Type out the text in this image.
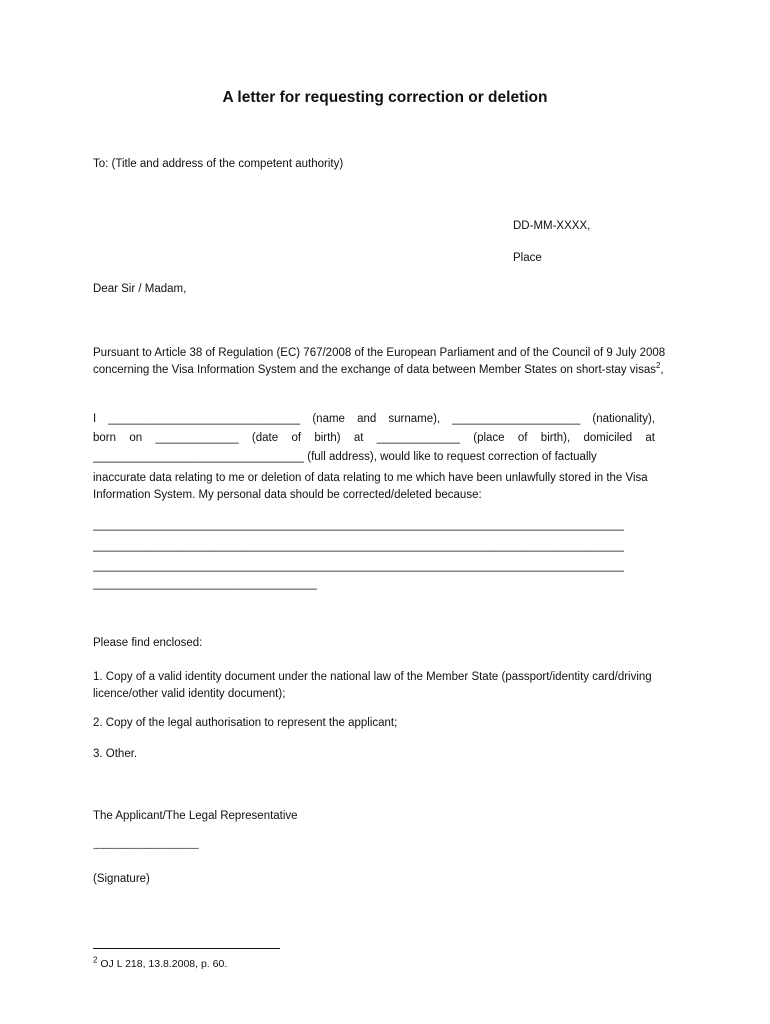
A letter for requesting correction or deletion
To: (Title and address of the competent authority)
DD-MM-XXXX,
Place
Dear Sir / Madam,
Pursuant to Article 38 of Regulation (EC) 767/2008 of the European Parliament and of the Council of 9 July 2008 concerning the Visa Information System and the exchange of data between Member States on short-stay visas$^2$,
I ______________________________ (name and surname), ____________________ (nationality),
born on _____________ (date of birth) at _____________ (place of birth), domiciled at
_________________________________ (full address), would like to request correction of factually
inaccurate data relating to me or deletion of data relating to me which have been unlawfully stored in the Visa Information System. My personal data should be corrected/deleted because:
___________________________________________________________________________________
___________________________________________________________________________________
___________________________________________________________________________________
___________________________________
Please find enclosed:
1. Copy of a valid identity document under the national law of the Member State (passport/identity card/driving licence/other valid identity document);
2. Copy of the legal authorisation to represent the applicant;
3. Other.
The Applicant/The Legal Representative
--------------------------------------------
(Signature)
$^2$ OJ L 218, 13.8.2008, p. 60.
